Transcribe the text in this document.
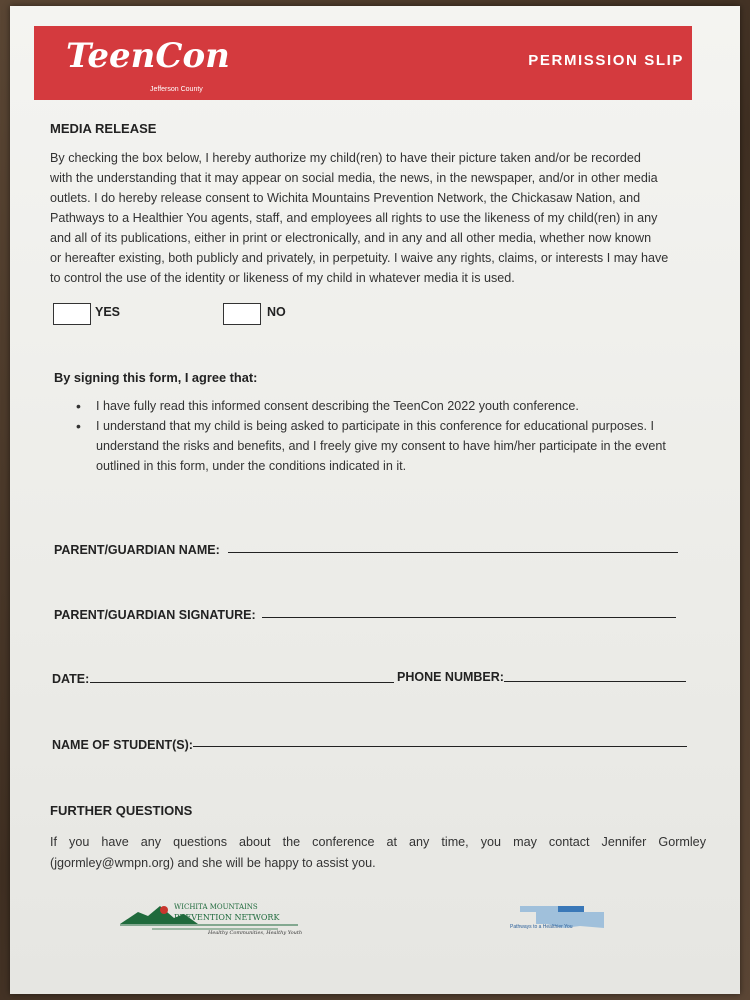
TeenCon
Jefferson County
PERMISSION SLIP
MEDIA RELEASE
By checking the box below, I hereby authorize my child(ren) to have their picture taken and/or be recorded
with the understanding that it may appear on social media, the news, in the newspaper, and/or in other media
outlets. I do hereby release consent to Wichita Mountains Prevention Network, the Chickasaw Nation, and
Pathways to a Healthier You agents, staff, and employees all rights to use the likeness of my child(ren) in any
and all of its publications, either in print or electronically, and in any and all other media, whether now known
or hereafter existing, both publicly and privately, in perpetuity. I waive any rights, claims, or interests I may have
to control the use of the identity or likeness of my child in whatever media it is used.
YES	NO
By signing this form, I agree that:
• I have fully read this informed consent describing the TeenCon 2022 youth conference.
• I understand that my child is being asked to participate in this conference for educational purposes. I
understand the risks and benefits, and I freely give my consent to have him/her participate in the event
outlined in this form, under the conditions indicated in it.
PARENT/GUARDIAN NAME:
PARENT/GUARDIAN SIGNATURE:
DATE:	PHONE NUMBER:
NAME OF STUDENT(S):
FURTHER QUESTIONS
If you have any questions about the conference at any time, you may contact Jennifer Gormley
(jgormley@wmpn.org) and she will be happy to assist you.
WICHITA MOUNTAINS
PREVENTION NETWORK
Healthy Communities, Healthy Youth
Pathways to a Healthier You
